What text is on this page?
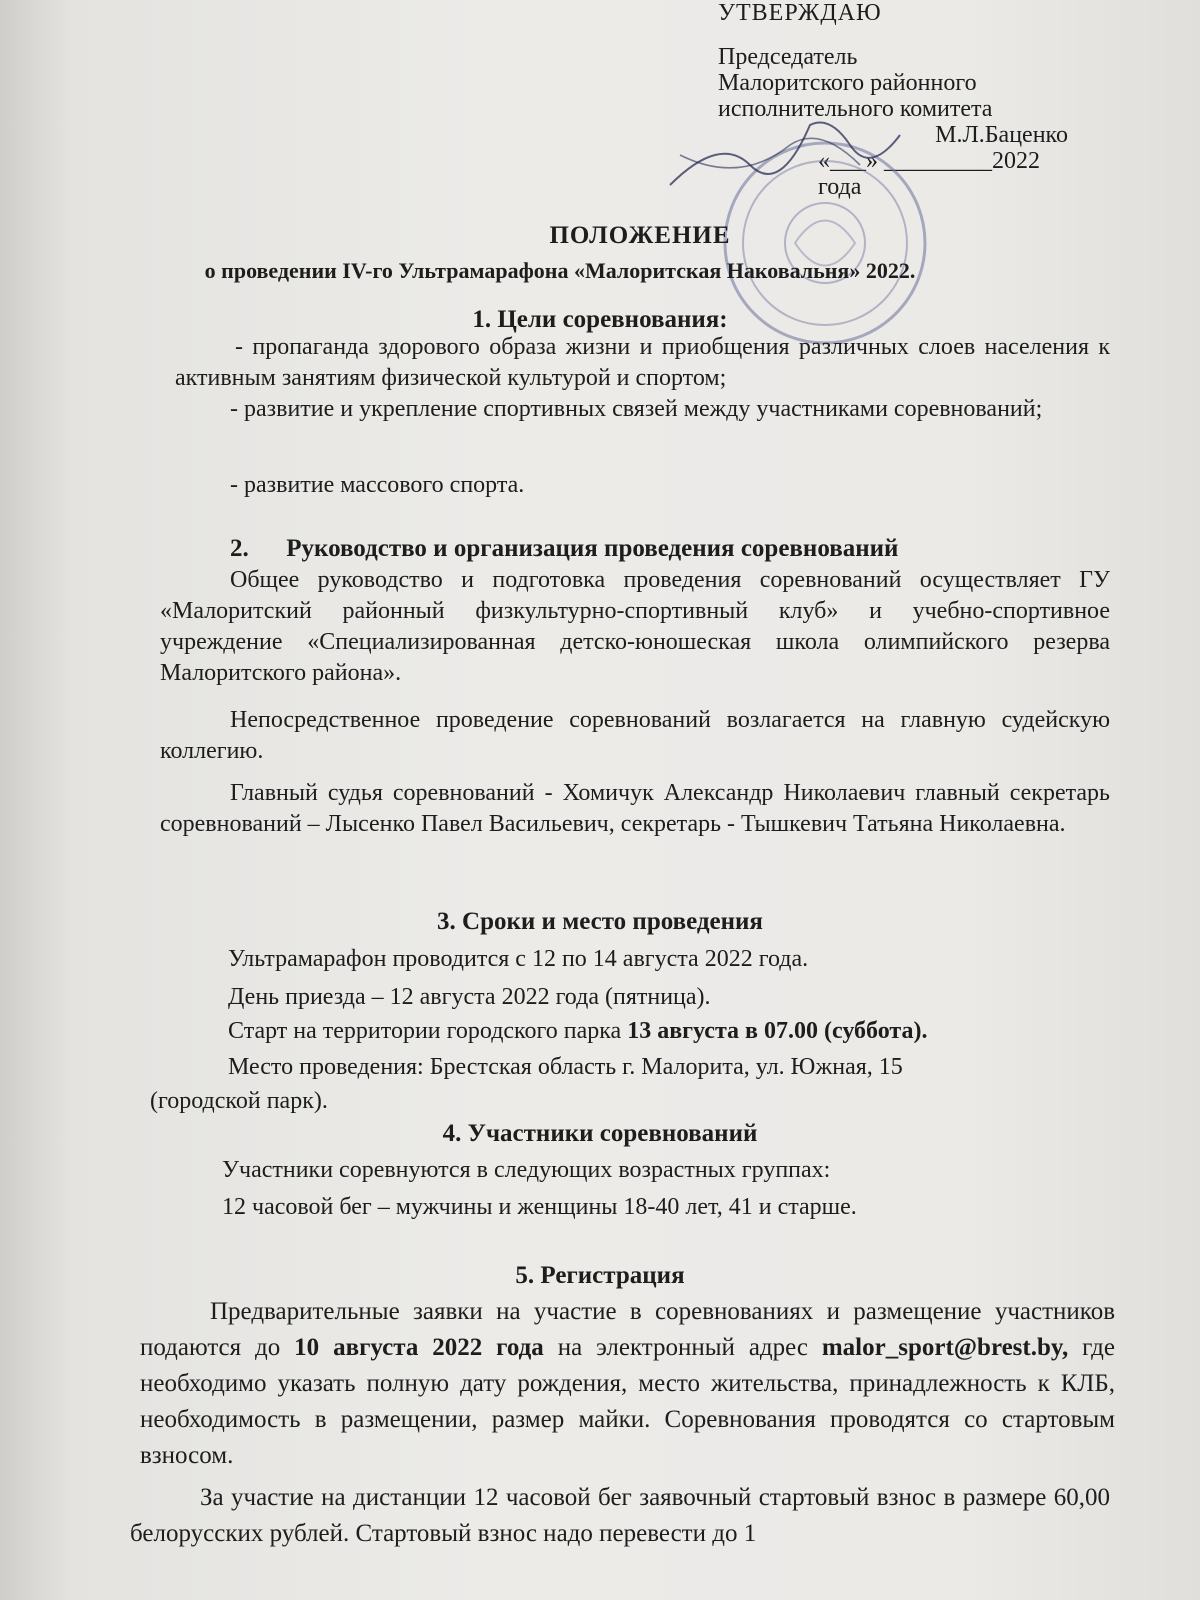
УТВЕРЖДАЮ
Председатель
Малоритского районного
исполнительного комитета
М.Л.Баценко
«___» _________2022 года
ПОЛОЖЕНИЕ
о проведении IV-го Ультрамарафона «Малоритская Наковальня» 2022.
1. Цели соревнования:
- пропаганда здорового образа жизни и приобщения различных слоев населения к активным занятиям физической культурой и спортом;
- развитие и укрепление спортивных связей между участниками соревнований;
- развитие массового спорта.
2.      Руководство и организация проведения соревнований
Общее руководство и подготовка проведения соревнований осуществляет ГУ «Малоритский районный физкультурно-спортивный клуб» и учебно-спортивное учреждение «Специализированная детско-юношеская школа олимпийского резерва Малоритского района».
Непосредственное проведение соревнований возлагается на главную судейскую коллегию.
Главный судья соревнований - Хомичук Александр Николаевич главный секретарь соревнований – Лысенко Павел Васильевич, секретарь - Тышкевич Татьяна Николаевна.
3. Сроки и место проведения
Ультрамарафон проводится с 12 по 14 августа 2022 года.
День приезда – 12 августа 2022 года (пятница).
Старт на территории городского парка 13 августа в 07.00 (суббота).
Место проведения: Брестская область г. Малорита, ул. Южная, 15
(городской парк).
4. Участники соревнований
Участники соревнуются в следующих возрастных группах:
12 часовой бег – мужчины и женщины 18-40 лет, 41 и старше.
5. Регистрация
Предварительные заявки на участие в соревнованиях и размещение участников подаются до 10 августа 2022 года на электронный адрес malor_sport@brest.by, где необходимо указать полную дату рождения, место жительства, принадлежность к КЛБ, необходимость в размещении, размер майки. Соревнования проводятся со стартовым взносом.
За участие на дистанции 12 часовой бег заявочный стартовый взнос в размере 60,00 белорусских рублей. Стартовый взнос надо перевести до 1
